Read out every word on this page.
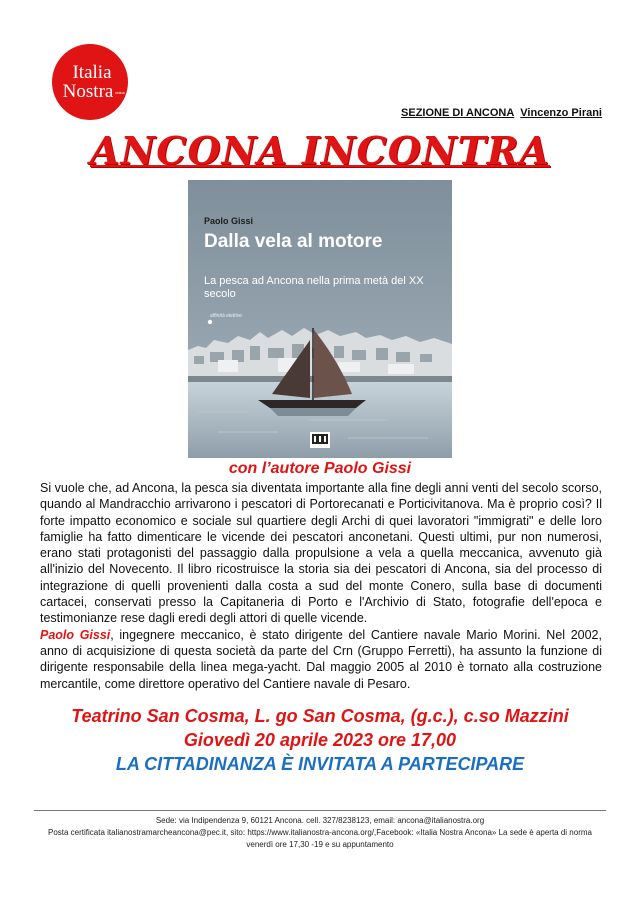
Italia
Nostra onlus
SEZIONE DI ANCONA Vincenzo Pirani
ANCONA INCONTRA
Paolo Gissi
Dalla vela al motore
La pesca ad Ancona nella prima metà del XX secolo
affinità elettive
con l’autore Paolo Gissi

Si vuole che, ad Ancona, la pesca sia diventata importante alla fine degli anni venti del secolo scorso, quando al Mandracchio arrivarono i pescatori di Portorecanati e Porticivitanova. Ma è proprio così? Il forte impatto economico e sociale sul quartiere degli Archi di quei lavoratori "immigrati" e delle loro famiglie ha fatto dimenticare le vicende dei pescatori anconetani. Questi ultimi, pur non numerosi, erano stati protagonisti del passaggio dalla propulsione a vela a quella meccanica, avvenuto già all'inizio del Novecento. Il libro ricostruisce la storia sia dei pescatori di Ancona, sia del processo di integrazione di quelli provenienti dalla costa a sud del monte Conero, sulla base di documenti cartacei, conservati presso la Capitaneria di Porto e l'Archivio di Stato, fotografie dell'epoca e testimonianze rese dagli eredi degli attori di quelle vicende.

Paolo Gissi, ingegnere meccanico, è stato dirigente del Cantiere navale Mario Morini. Nel 2002, anno di acquisizione di questa società da parte del Crn (Gruppo Ferretti), ha assunto la funzione di dirigente responsabile della linea mega-yacht. Dal maggio 2005 al 2010 è tornato alla costruzione mercantile, come direttore operativo del Cantiere navale di Pesaro.

Teatrino San Cosma, L. go San Cosma, (g.c.), c.so Mazzini
Giovedì 20 aprile 2023 ore 17,00
LA CITTADINANZA È INVITATA A PARTECIPARE
Sede: via Indipendenza 9, 60121 Ancona. cell. 327/8238123, email: ancona@italianostra.org
Posta certificata italianostramarcheancona@pec.it, sito: https://www.italianostra-ancona.org/,Facebook: «Italia Nostra Ancona» La sede è aperta di norma venerdì ore 17,30 -19 e su appuntamento
